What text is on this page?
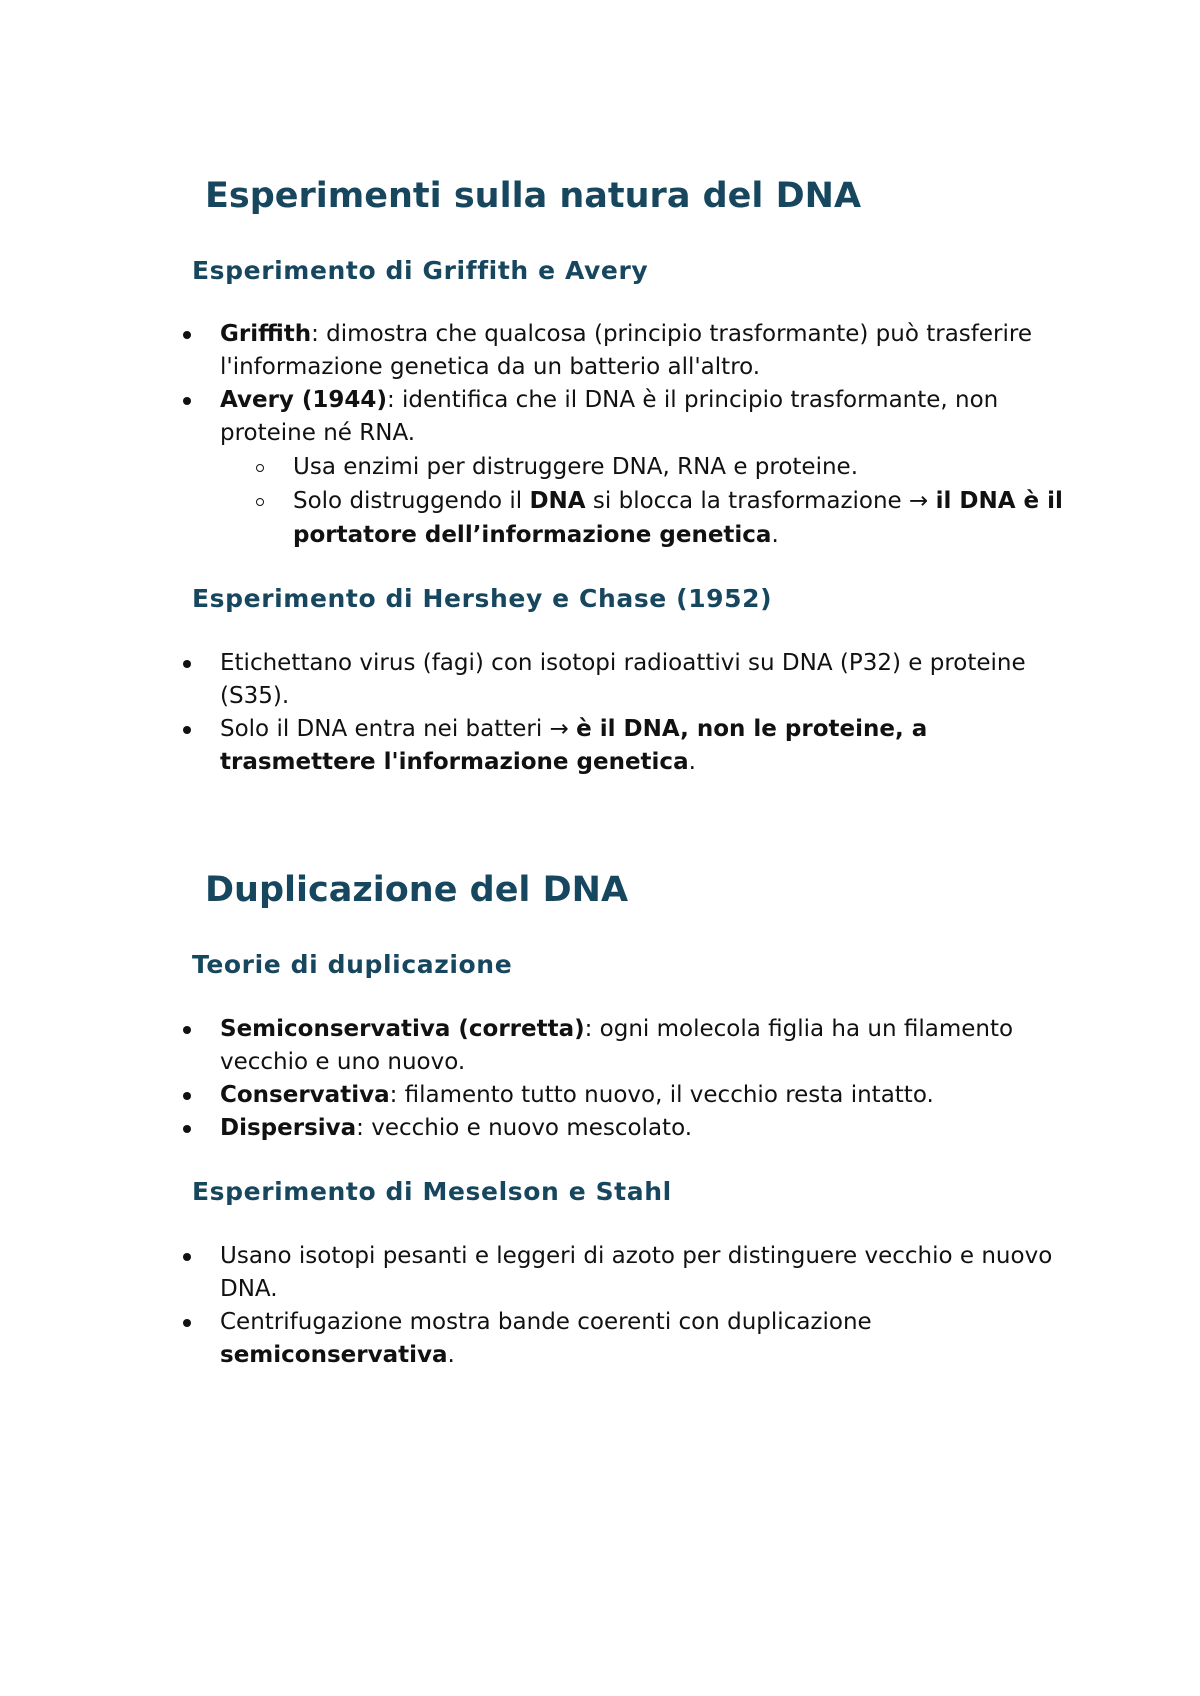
Esperimenti sulla natura del DNA
Esperimento di Griffith e Avery
Griffith: dimostra che qualcosa (principio trasformante) può trasferire l'informazione genetica da un batterio all'altro.
Avery (1944): identifica che il DNA è il principio trasformante, non proteine né RNA.
Usa enzimi per distruggere DNA, RNA e proteine.
Solo distruggendo il DNA si blocca la trasformazione → il DNA è il portatore dell’informazione genetica.
Esperimento di Hershey e Chase (1952)
Etichettano virus (fagi) con isotopi radioattivi su DNA (P32) e proteine (S35).
Solo il DNA entra nei batteri → è il DNA, non le proteine, a trasmettere l'informazione genetica.
Duplicazione del DNA
Teorie di duplicazione
Semiconservativa (corretta): ogni molecola figlia ha un filamento vecchio e uno nuovo.
Conservativa: filamento tutto nuovo, il vecchio resta intatto.
Dispersiva: vecchio e nuovo mescolato.
Esperimento di Meselson e Stahl
Usano isotopi pesanti e leggeri di azoto per distinguere vecchio e nuovo DNA.
Centrifugazione mostra bande coerenti con duplicazione semiconservativa.
